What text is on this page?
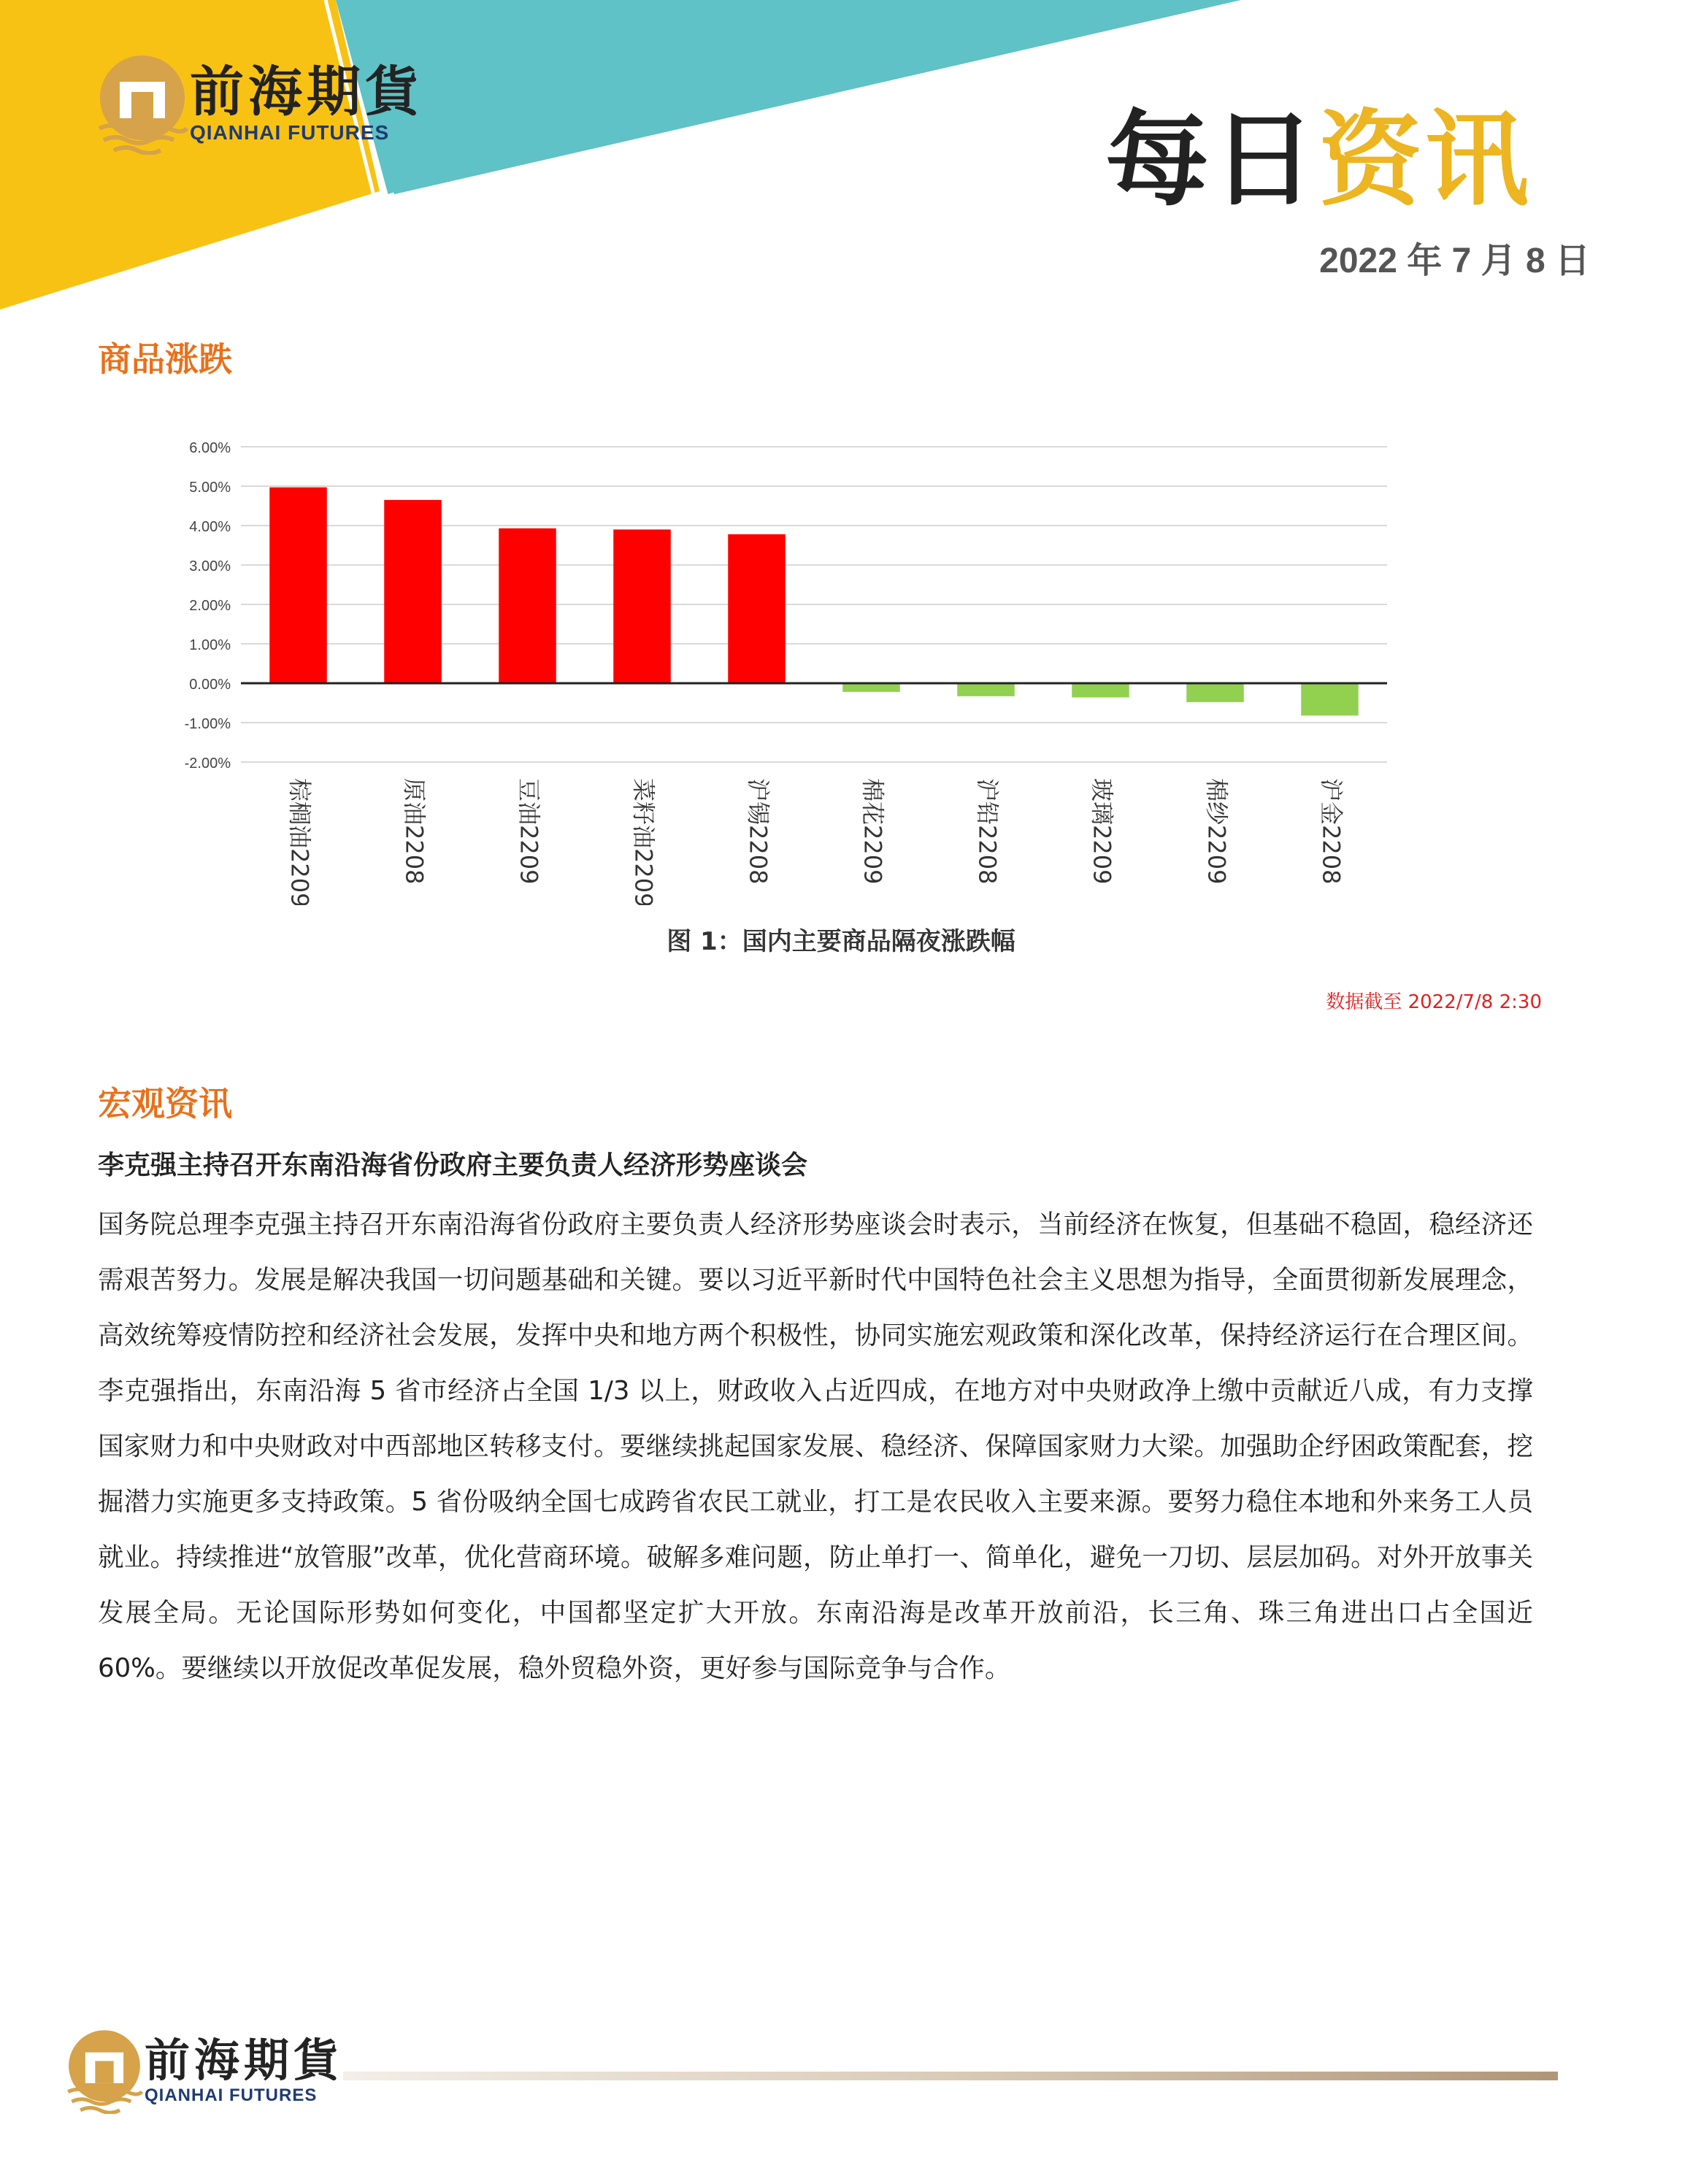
前海期貨
QIANHAI FUTURES	每日资讯
2022 年 7 月 8 日
商品涨跌
6.00%
5.00%
4.00%
3.00%
2.00%
1.00%
0.00%
-1.00%
-2.00%
棕榈油2209	原油2208	豆油2209	菜籽油2209	沪锡2208	棉花2209	沪铅2208	玻璃2209	棉纱2209	沪金2208
图 1：国内主要商品隔夜涨跌幅
数据截至 2022/7/8 2:30
宏观资讯
李克强主持召开东南沿海省份政府主要负责人经济形势座谈会

国务院总理李克强主持召开东南沿海省份政府主要负责人经济形势座谈会时表示，当前经济在恢复，但基础不稳固，稳经济还需艰苦努力。发展是解决我国一切问题基础和关键。要以习近平新时代中国特色社会主义思想为指导，全面贯彻新发展理念，高效统筹疫情防控和经济社会发展，发挥中央和地方两个积极性，协同实施宏观政策和深化改革，保持经济运行在合理区间。李克强指出，东南沿海 5 省市经济占全国 1/3 以上，财政收入占近四成，在地方对中央财政净上缴中贡献近八成，有力支撑国家财力和中央财政对中西部地区转移支付。要继续挑起国家发展、稳经济、保障国家财力大梁。加强助企纾困政策配套，挖掘潜力实施更多支持政策。5 省份吸纳全国七成跨省农民工就业，打工是农民收入主要来源。要努力稳住本地和外来务工人员就业。持续推进“放管服”改革，优化营商环境。破解多难问题，防止单打一、简单化，避免一刀切、层层加码。对外开放事关发展全局。无论国际形势如何变化，中国都坚定扩大开放。东南沿海是改革开放前沿，长三角、珠三角进出口占全国近 60%。要继续以开放促改革促发展，稳外贸稳外资，更好参与国际竞争与合作。

前海期貨
QIANHAI FUTURES
